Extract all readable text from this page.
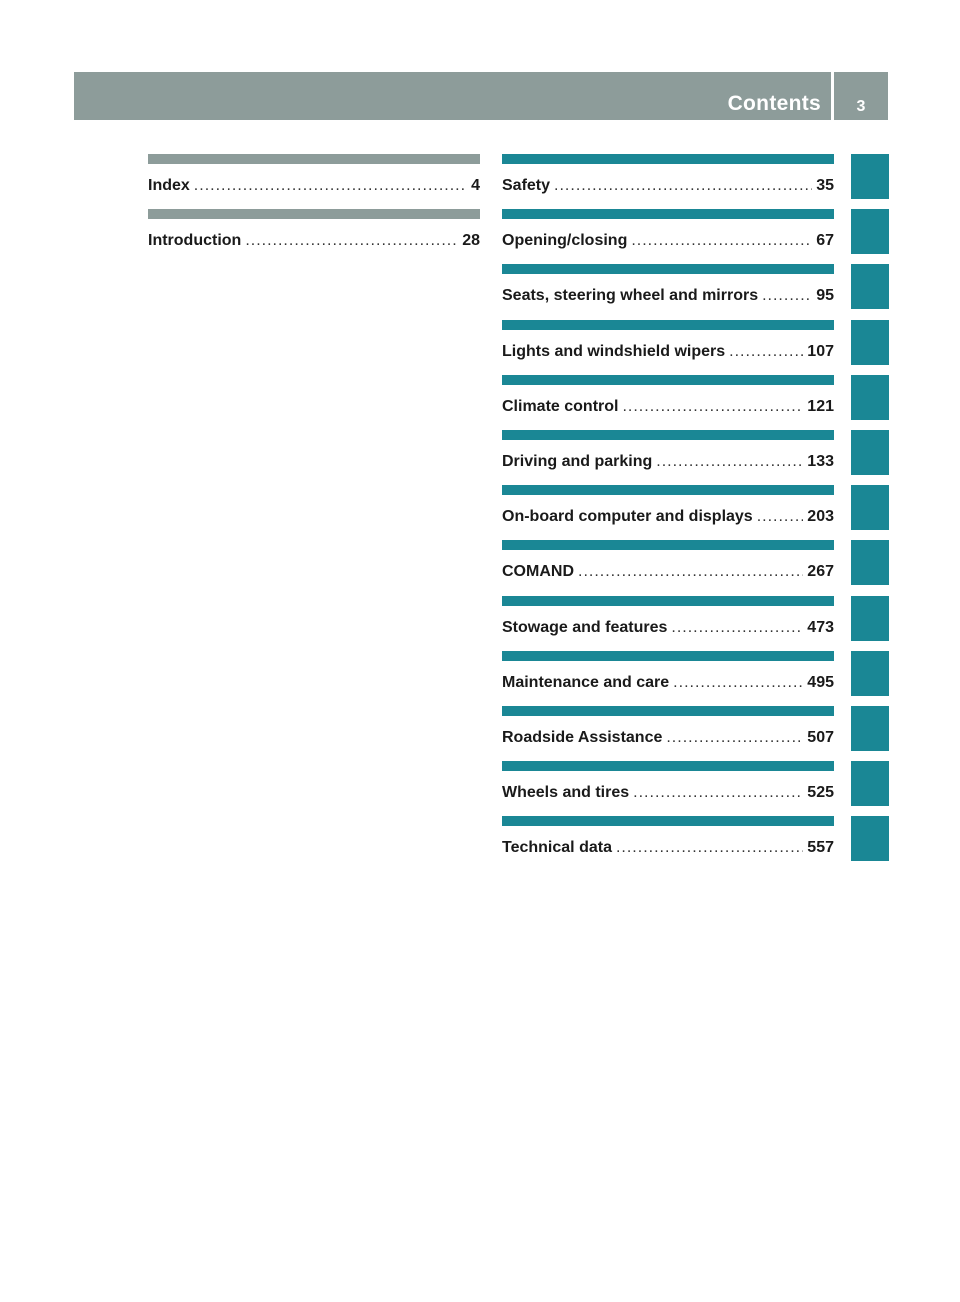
Contents	3
Index .....	4
Introduction .....	28
Safety .....	35
Opening/closing .....	67
Seats, steering wheel and mirrors .....	95
Lights and windshield wipers .....	107
Climate control .....	121
Driving and parking .....	133
On-board computer and displays .....	203
COMAND .....	267
Stowage and features .....	473
Maintenance and care .....	495
Roadside Assistance .....	507
Wheels and tires .....	525
Technical data .....	557
